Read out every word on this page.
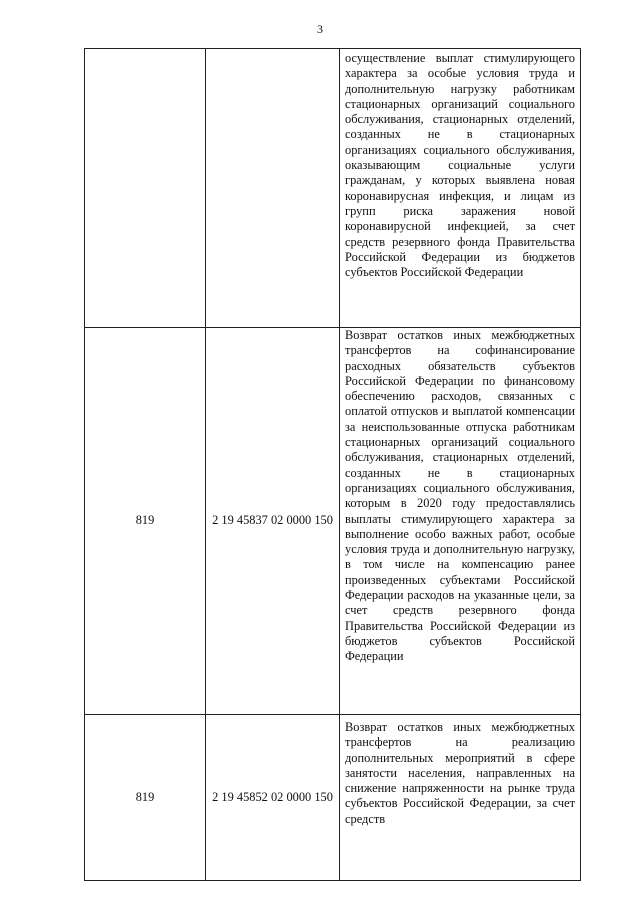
3
		осуществление выплат стимулирующего характера за особые условия труда и дополнительную нагрузку работникам стационарных организаций социального обслуживания, стационарных отделений, созданных не в стационарных организациях социального обслуживания, оказывающим социальные услуги гражданам, у которых выявлена новая коронавирусная инфекция, и лицам из групп риска заражения новой коронавирусной инфекцией, за счет средств резервного фонда Правительства Российской Федерации из бюджетов субъектов Российской Федерации
819	2 19 45837 02 0000 150	Возврат остатков иных межбюджетных трансфертов на софинансирование расходных обязательств субъектов Российской Федерации по финансовому обеспечению расходов, связанных с оплатой отпусков и выплатой компенсации за неиспользованные отпуска работникам стационарных организаций социального обслуживания, стационарных отделений, созданных не в стационарных организациях социального обслуживания, которым в 2020 году предоставлялись выплаты стимулирующего характера за выполнение особо важных работ, особые условия труда и дополнительную нагрузку, в том числе на компенсацию ранее произведенных субъектами Российской Федерации расходов на указанные цели, за счет средств резервного фонда Правительства Российской Федерации из бюджетов субъектов Российской Федерации
819	2 19 45852 02 0000 150	Возврат остатков иных межбюджетных трансфертов на реализацию дополнительных мероприятий в сфере занятости населения, направленных на снижение напряженности на рынке труда субъектов Российской Федерации, за счет средств
